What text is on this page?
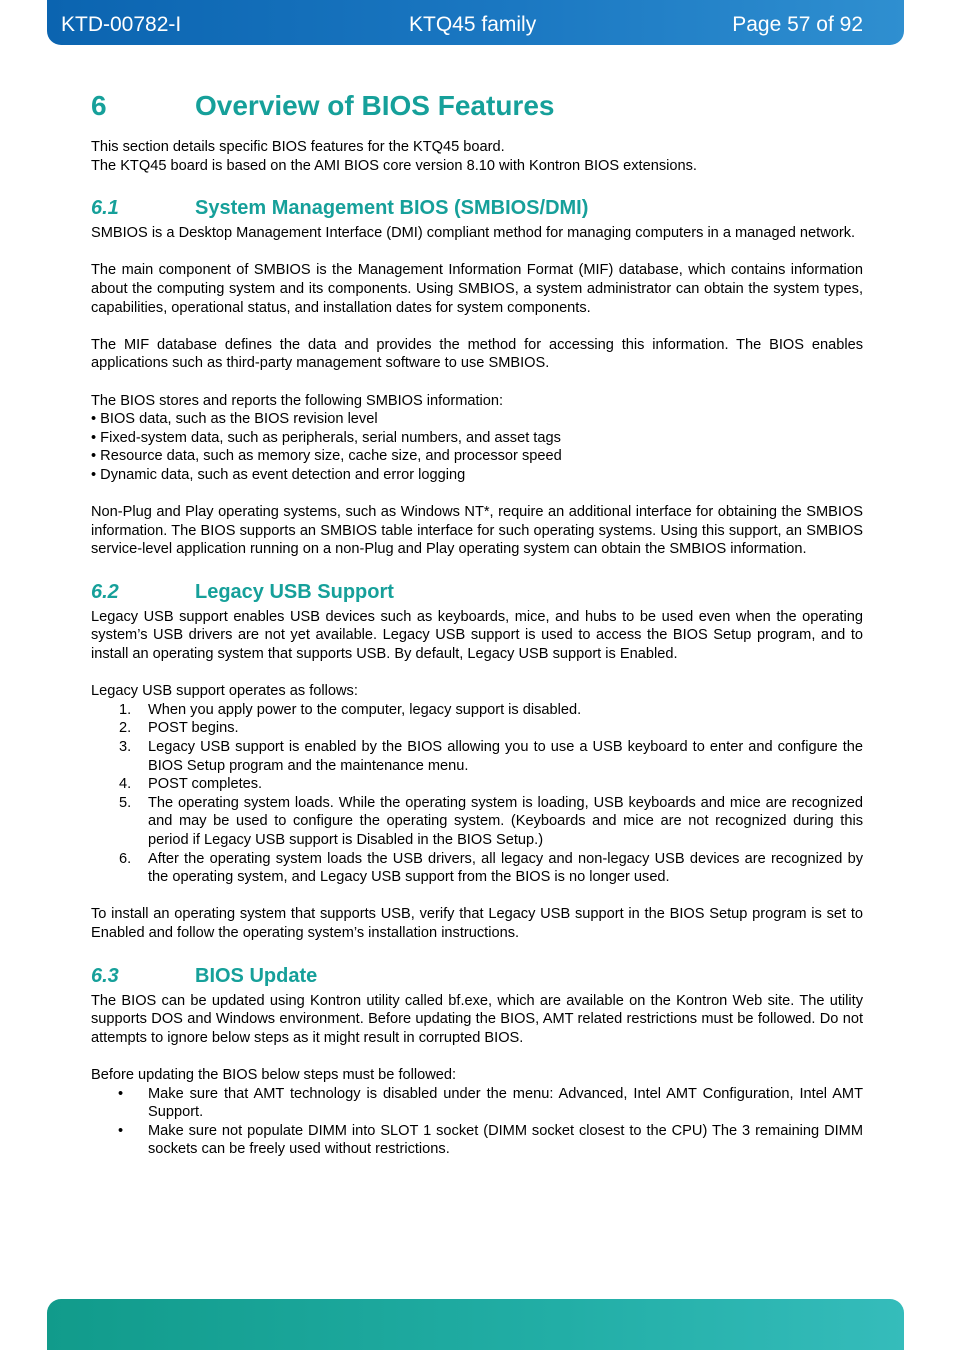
KTD-00782-I	KTQ45 family	Page 57 of 92
6	Overview of BIOS Features

This section details specific BIOS features for the KTQ45 board.

The KTQ45 board is based on the AMI BIOS core version 8.10 with Kontron BIOS extensions.

6.1	System Management BIOS (SMBIOS/DMI)

SMBIOS is a Desktop Management Interface (DMI) compliant method for managing computers in a managed network.

The main component of SMBIOS is the Management Information Format (MIF) database, which contains information about the computing system and its components. Using SMBIOS, a system administrator can obtain the system types, capabilities, operational status, and installation dates for system components.

The MIF database defines the data and provides the method for accessing this information. The BIOS enables applications such as third-party management software to use SMBIOS.

The BIOS stores and reports the following SMBIOS information:

• BIOS data, such as the BIOS revision level

• Fixed-system data, such as peripherals, serial numbers, and asset tags

• Resource data, such as memory size, cache size, and processor speed

• Dynamic data, such as event detection and error logging

Non-Plug and Play operating systems, such as Windows NT*, require an additional interface for obtaining the SMBIOS information. The BIOS supports an SMBIOS table interface for such operating systems. Using this support, an SMBIOS service-level application running on a non-Plug and Play operating system can obtain the SMBIOS information.

6.2	Legacy USB Support

Legacy USB support enables USB devices such as keyboards, mice, and hubs to be used even when the operating system’s USB drivers are not yet available. Legacy USB support is used to access the BIOS Setup program, and to install an operating system that supports USB. By default, Legacy USB support is Enabled.

Legacy USB support operates as follows:

1.	When you apply power to the computer, legacy support is disabled.
2.	POST begins.
3.	Legacy USB support is enabled by the BIOS allowing you to use a USB keyboard to enter and configure the BIOS Setup program and the maintenance menu.
4.	POST completes.
5.	The operating system loads. While the operating system is loading, USB keyboards and mice are recognized and may be used to configure the operating system. (Keyboards and mice are not recognized during this period if Legacy USB support is Disabled in the BIOS Setup.)
6.	After the operating system loads the USB drivers, all legacy and non-legacy USB devices are recognized by the operating system, and Legacy USB support from the BIOS is no longer used.

To install an operating system that supports USB, verify that Legacy USB support in the BIOS Setup program is set to Enabled and follow the operating system’s installation instructions.

6.3	BIOS Update

The BIOS can be updated using Kontron utility called bf.exe, which are available on the Kontron Web site. The utility supports DOS and Windows environment. Before updating the BIOS, AMT related restrictions must be followed. Do not attempts to ignore below steps as it might result in corrupted BIOS.

Before updating the BIOS below steps must be followed:

•	Make sure that AMT technology is disabled under the menu: Advanced, Intel AMT Configuration, Intel AMT Support.
•	Make sure not populate DIMM into SLOT 1 socket (DIMM socket closest to the CPU) The 3 remaining DIMM sockets can be freely used without restrictions.
